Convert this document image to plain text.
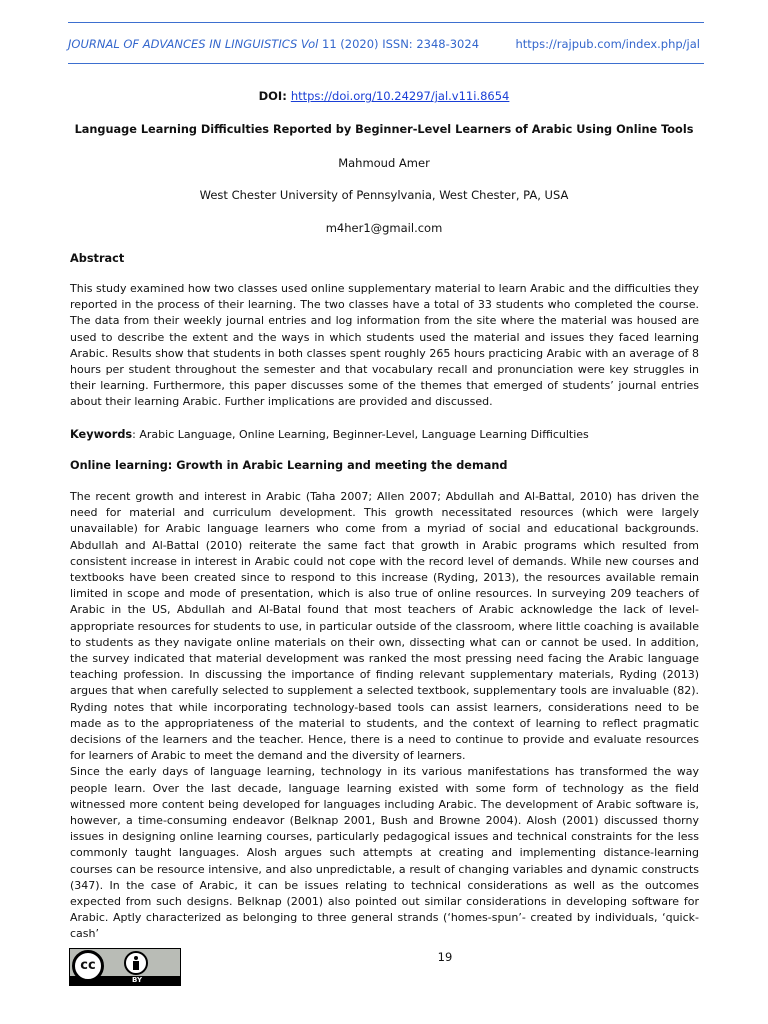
JOURNAL OF ADVANCES IN LINGUISTICS Vol 11 (2020) ISSN: 2348-3024	https://rajpub.com/index.php/jal
DOI: https://doi.org/10.24297/jal.v11i.8654
Language Learning Difficulties Reported by Beginner-Level Learners of Arabic Using Online Tools
Mahmoud Amer
West Chester University of Pennsylvania, West Chester, PA, USA
m4her1@gmail.com
Abstract

This study examined how two classes used online supplementary material to learn Arabic and the difficulties they reported in the process of their learning. The two classes have a total of 33 students who completed the course. The data from their weekly journal entries and log information from the site where the material was housed are used to describe the extent and the ways in which students used the material and issues they faced learning Arabic. Results show that students in both classes spent roughly 265 hours practicing Arabic with an average of 8 hours per student throughout the semester and that vocabulary recall and pronunciation were key struggles in their learning. Furthermore, this paper discusses some of the themes that emerged of students’ journal entries about their learning Arabic. Further implications are provided and discussed.

Keywords: Arabic Language, Online Learning, Beginner-Level, Language Learning Difficulties
Online learning: Growth in Arabic Learning and meeting the demand
The recent growth and interest in Arabic (Taha 2007; Allen 2007; Abdullah and Al-Battal, 2010) has driven the need for material and curriculum development. This growth necessitated resources (which were largely unavailable) for Arabic language learners who come from a myriad of social and educational backgrounds. Abdullah and Al-Battal (2010) reiterate the same fact that growth in Arabic programs which resulted from consistent increase in interest in Arabic could not cope with the record level of demands. While new courses and textbooks have been created since to respond to this increase (Ryding, 2013), the resources available remain limited in scope and mode of presentation, which is also true of online resources. In surveying 209 teachers of Arabic in the US, Abdullah and Al-Batal found that most teachers of Arabic acknowledge the lack of level-appropriate resources for students to use, in particular outside of the classroom, where little coaching is available to students as they navigate online materials on their own, dissecting what can or cannot be used. In addition, the survey indicated that material development was ranked the most pressing need facing the Arabic language teaching profession. In discussing the importance of finding relevant supplementary materials, Ryding (2013) argues that when carefully selected to supplement a selected textbook, supplementary tools are invaluable (82). Ryding notes that while incorporating technology-based tools can assist learners, considerations need to be made as to the appropriateness of the material to students, and the context of learning to reflect pragmatic decisions of the learners and the teacher. Hence, there is a need to continue to provide and evaluate resources for learners of Arabic to meet the demand and the diversity of learners.
Since the early days of language learning, technology in its various manifestations has transformed the way people learn. Over the last decade, language learning existed with some form of technology as the field witnessed more content being developed for languages including Arabic. The development of Arabic software is, however, a time-consuming endeavor (Belknap 2001, Bush and Browne 2004). Alosh (2001) discussed thorny issues in designing online learning courses, particularly pedagogical issues and technical constraints for the less commonly taught languages. Alosh argues such attempts at creating and implementing distance-learning courses can be resource intensive, and also unpredictable, a result of changing variables and dynamic constructs (347). In the case of Arabic, it can be issues relating to technical considerations as well as the outcomes expected from such designs. Belknap (2001) also pointed out similar considerations in developing software for Arabic. Aptly characterized as belonging to three general strands (‘homes-spun’- created by individuals, ‘quick-cash’
cc
BY
19
